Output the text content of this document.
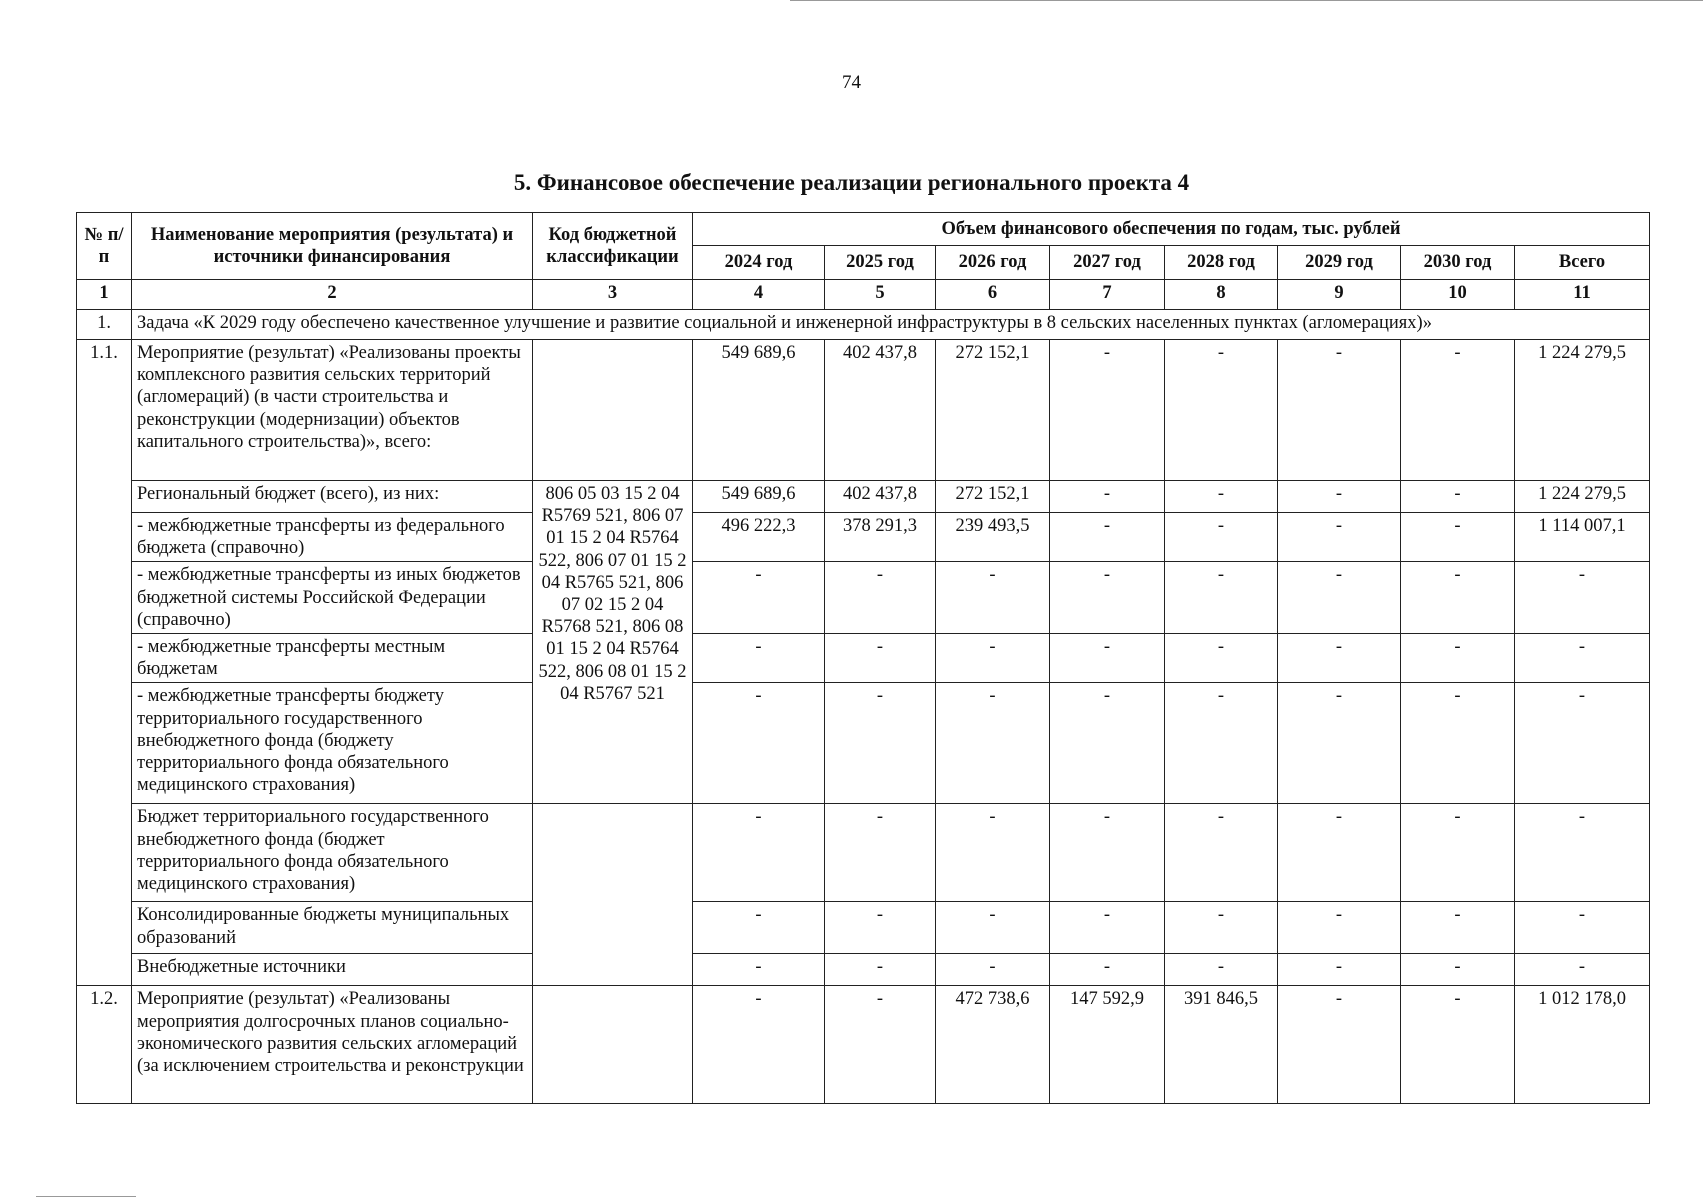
74
5. Финансовое обеспечение реализации регионального проекта 4
№ п/п	Наименование мероприятия (результата) и источники финансирования	Код бюджетной классификации	Объем финансового обеспечения по годам, тыс. рублей							
			2024 год	2025 год	2026 год	2027 год	2028 год	2029 год	2030 год	Всего
1	2	3	4	5	6	7	8	9	10	11
1.	Задача «К 2029 году обеспечено качественное улучшение и развитие социальной и инженерной инфраструктуры в 8 сельских населенных пунктах (агломерациях)»									
1.1.	Мероприятие (результат) «Реализованы проекты комплексного развития сельских территорий (агломераций) (в части строительства и реконструкции (модернизации) объектов капитального строительства)», всего:		549 689,6	402 437,8	272 152,1	-	-	-	-	1 224 279,5
	Региональный бюджет (всего), из них:	806 05 03 15 2 04 R5769 521, 806 07 01 15 2 04 R5764 522, 806 07 01 15 2 04 R5765 521, 806 07 02 15 2 04 R5768 521, 806 08 01 15 2 04 R5764 522, 806 08 01 15 2 04 R5767 521	549 689,6	402 437,8	272 152,1	-	-	-	-	1 224 279,5
	- межбюджетные трансферты из федерального бюджета (справочно)		496 222,3	378 291,3	239 493,5	-	-	-	-	1 114 007,1
	- межбюджетные трансферты из иных бюджетов бюджетной системы Российской Федерации (справочно)		-	-	-	-	-	-	-	-
	- межбюджетные трансферты местным бюджетам		-	-	-	-	-	-	-	-
	- межбюджетные трансферты бюджету территориального государственного внебюджетного фонда (бюджету территориального фонда обязательного медицинского страхования)		-	-	-	-	-	-	-	-
	Бюджет территориального государственного внебюджетного фонда (бюджет территориального фонда обязательного медицинского страхования)		-	-	-	-	-	-	-	-
	Консолидированные бюджеты муниципальных образований		-	-	-	-	-	-	-	-
	Внебюджетные источники		-	-	-	-	-	-	-	-
1.2.	Мероприятие (результат) «Реализованы мероприятия долгосрочных планов социально-экономического развития сельских агломераций (за исключением строительства и реконструкции		-	-	472 738,6	147 592,9	391 846,5	-	-	1 012 178,0
